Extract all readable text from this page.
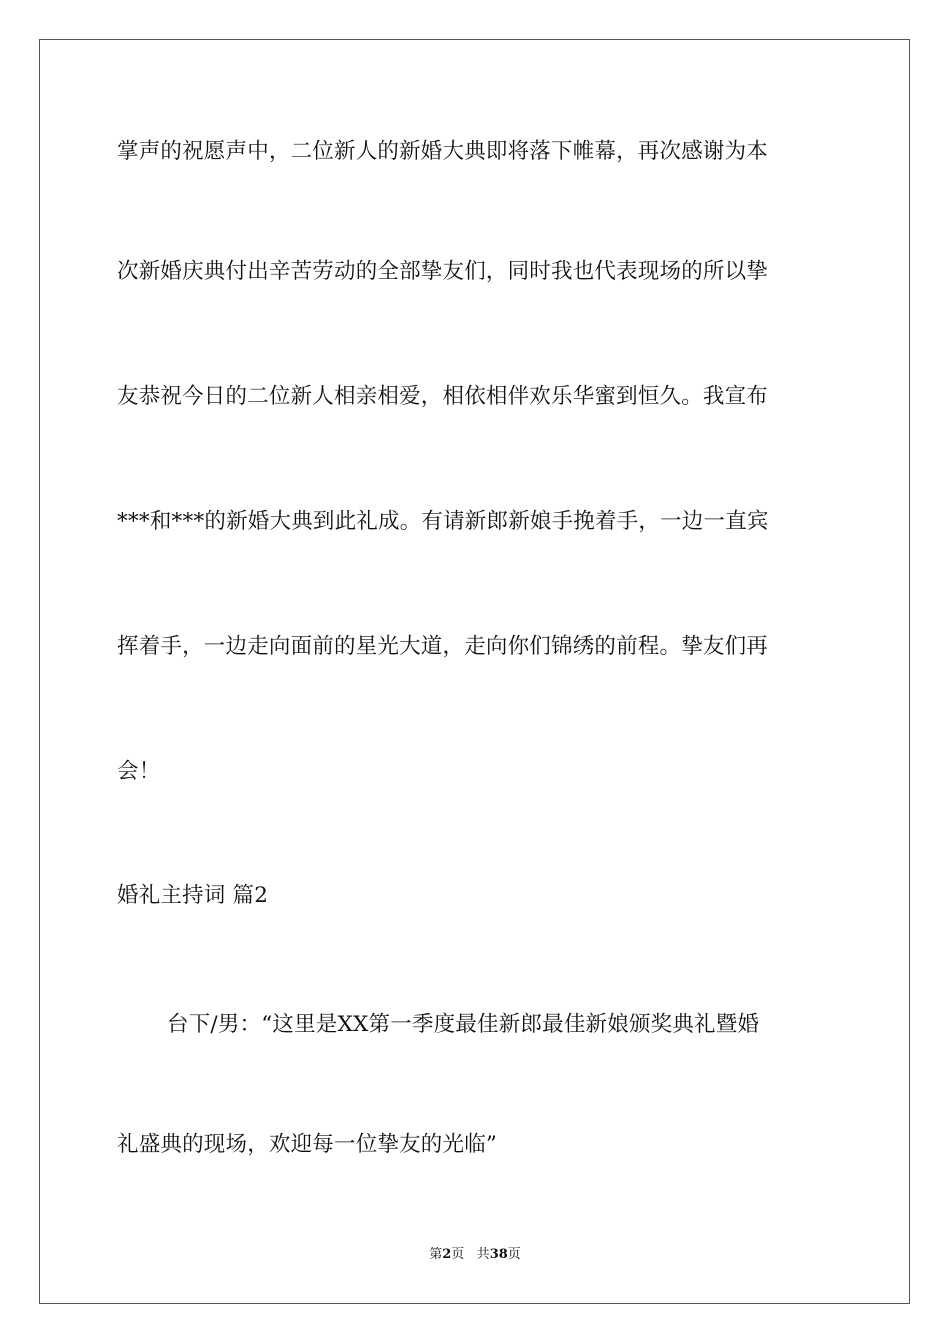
掌声的祝愿声中，二位新人的新婚大典即将落下帷幕，再次感谢为本
次新婚庆典付出辛苦劳动的全部挚友们，同时我也代表现场的所以挚
友恭祝今日的二位新人相亲相爱，相依相伴欢乐华蜜到恒久。我宣布
***和***的新婚大典到此礼成。有请新郎新娘手挽着手，一边一直宾
挥着手，一边走向面前的星光大道，走向你们锦绣的前程。挚友们再
会！
婚礼主持词 篇2
台下/男：“这里是XX第一季度最佳新郎最佳新娘颁奖典礼暨婚
礼盛典的现场，欢迎每一位挚友的光临”
第2页 共38页
